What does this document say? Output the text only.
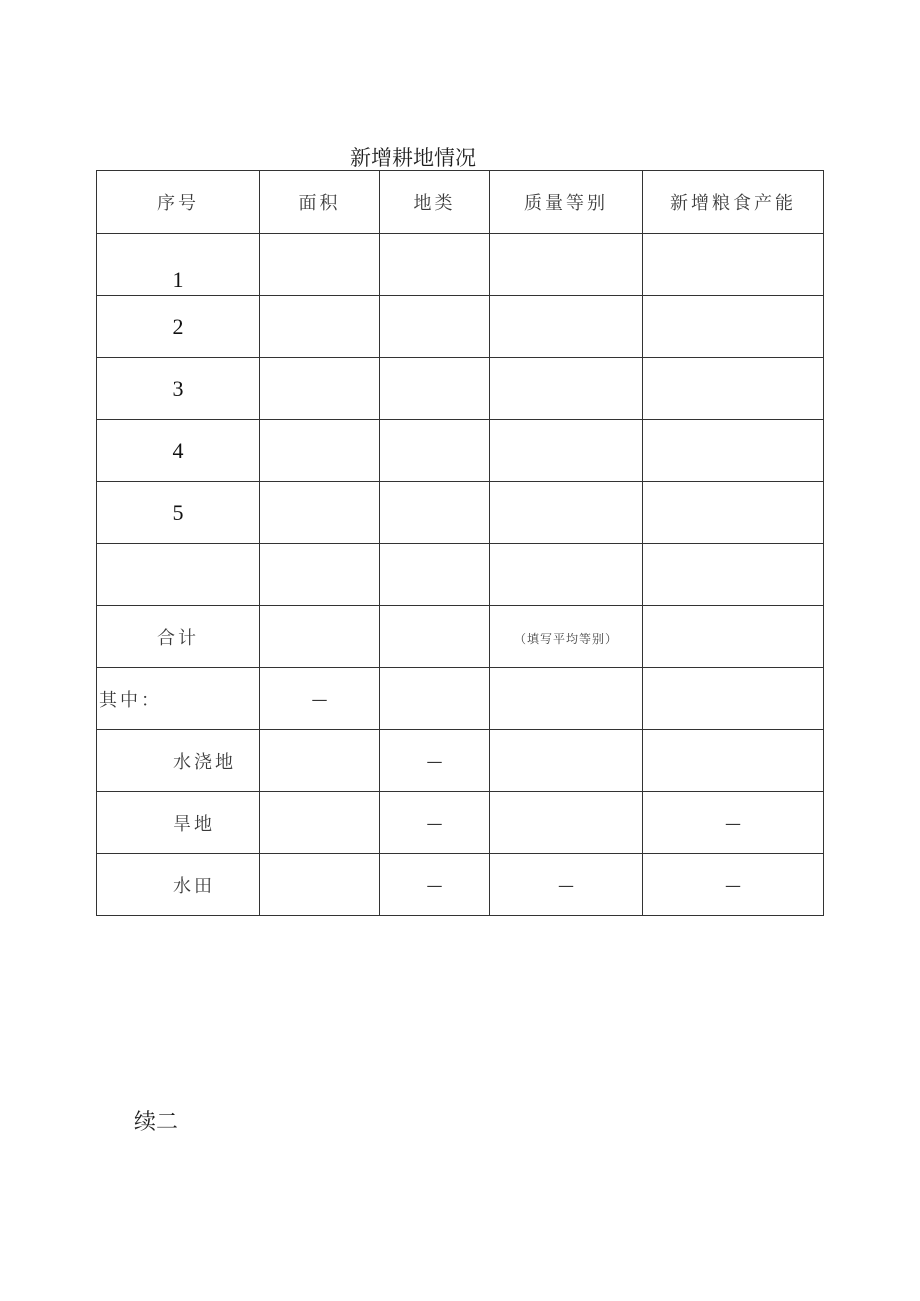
新增耕地情况
序号	面积	地类	质量等别	新增粮食产能
1				
2				
3				
4				
5				

合计			（填写平均等别）	
其中：	—			
水浇地		—		
旱地		—		—
水田		—	—	—
续二
